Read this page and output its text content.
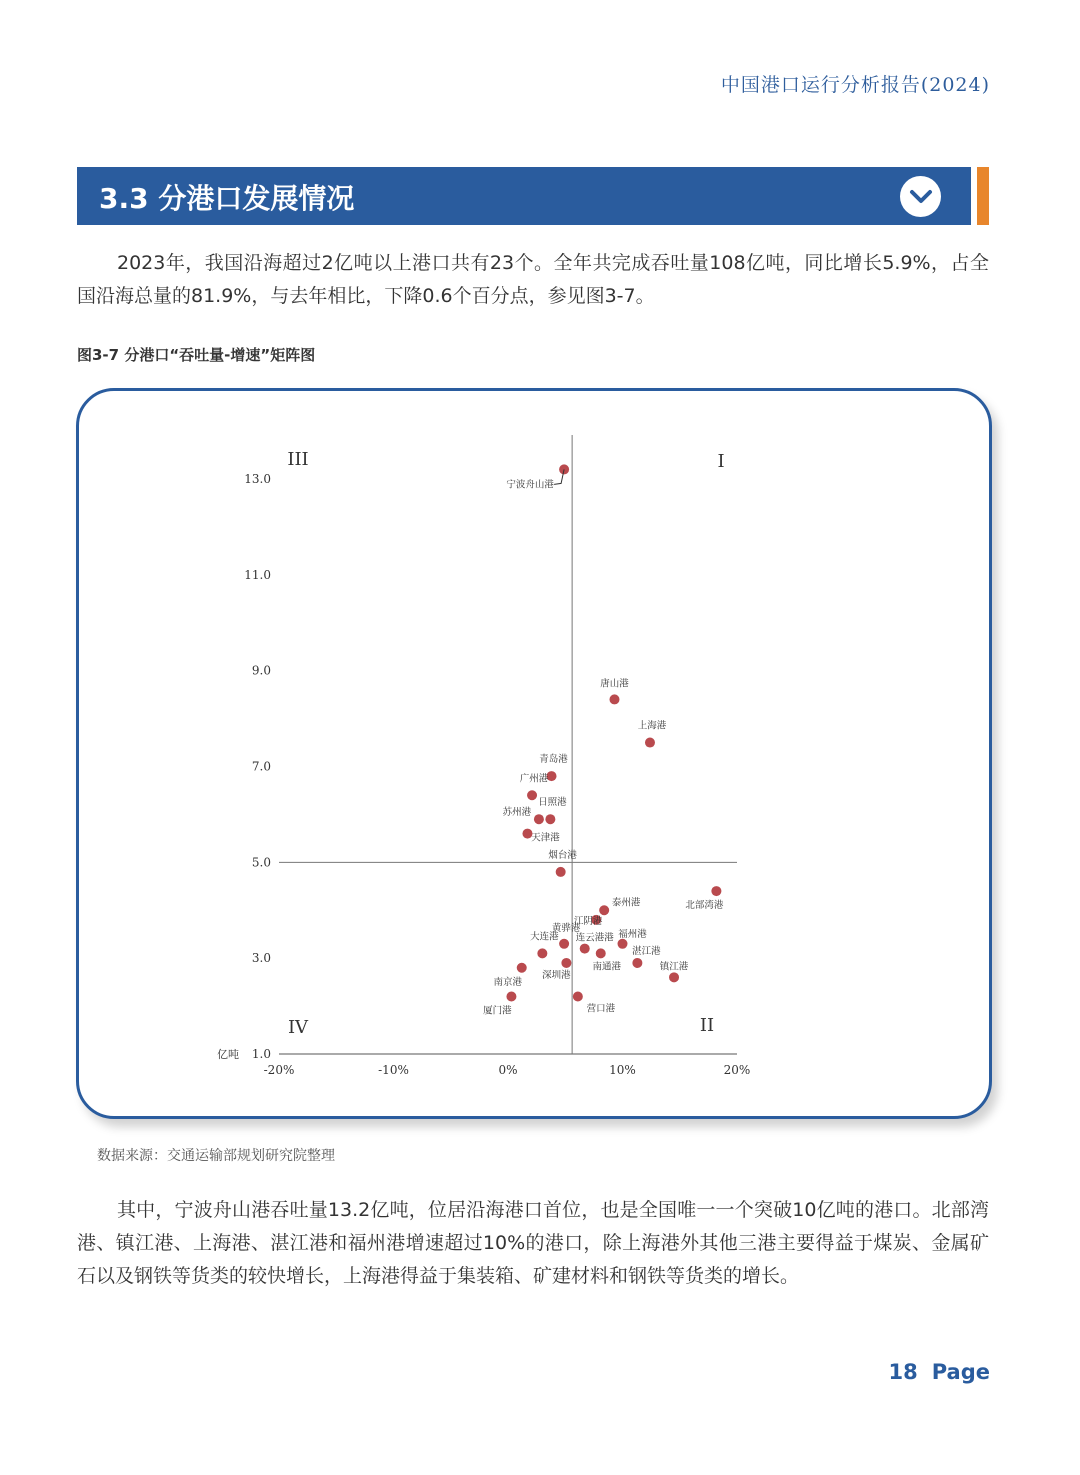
中国港口运行分析报告(2024)
3.3 分港口发展情况

2023年，我国沿海超过2亿吨以上港口共有23个。全年共完成吞吐量108亿吨，同比增长5.9%，占全国沿海总量的81.9%，与去年相比，下降0.6个百分点，参见图3-7。

图3-7 分港口“吞吐量-增速”矩阵图
-20%	-10%	0%	10%	20%
1.0
3.0
5.0
7.0
9.0
11.0
13.0
亿吨
I
II
III
IV
宁波舟山港
唐山港
上海港
青岛港
广州港
日照港
苏州港
天津港
烟台港
北部湾港
泰州港
江阴港
黄骅港
连云港港 福州港
大连港
湛江港
南通港
深圳港
镇江港
南京港
厦门港	营口港
数据来源：交通运输部规划研究院整理

其中，宁波舟山港吞吐量13.2亿吨，位居沿海港口首位，也是全国唯一一个突破10亿吨的港口。北部湾港、镇江港、上海港、湛江港和福州港增速超过10%的港口，除上海港外其他三港主要得益于煤炭、金属矿石以及钢铁等货类的较快增长，上海港得益于集装箱、矿建材料和钢铁等货类的增长。

18 Page
